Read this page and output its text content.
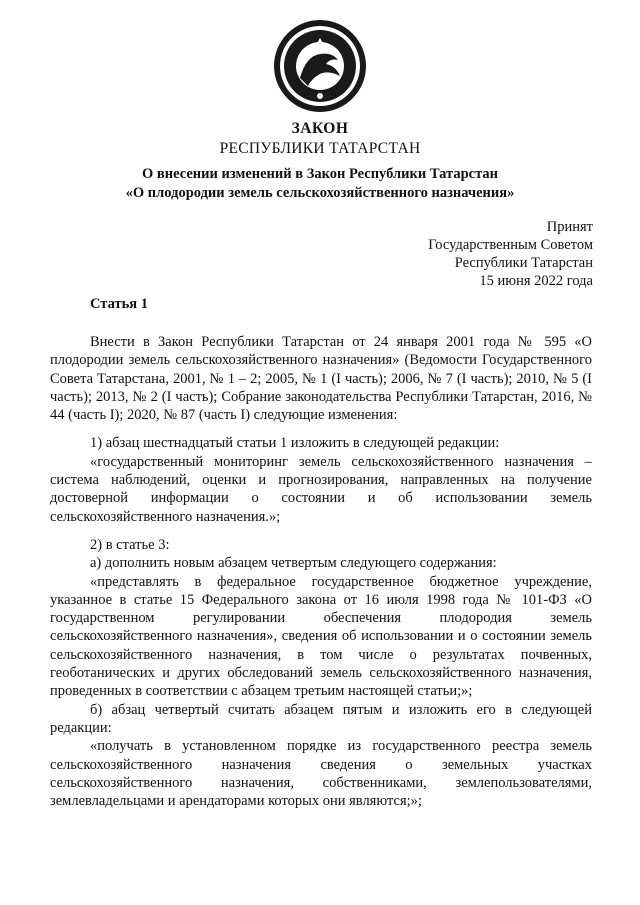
ЗАКОН
РЕСПУБЛИКИ ТАТАРСТАН
О внесении изменений в Закон Республики Татарстан
«О плодородии земель сельскохозяйственного назначения»
Принят
Государственным Советом
Республики Татарстан
15 июня 2022 года
Статья 1

Внести в Закон Республики Татарстан от 24 января 2001 года № 595 «О плодородии земель сельскохозяйственного назначения» (Ведомости Государственного Совета Татарстана, 2001, № 1 – 2; 2005, № 1 (I часть); 2006, № 7 (I часть); 2010, № 5 (I часть); 2013, № 2 (I часть); Собрание законодательства Республики Татарстан, 2016, № 44 (часть I); 2020, № 87 (часть I) следующие изменения:

1) абзац шестнадцатый статьи 1 изложить в следующей редакции:

«государственный мониторинг земель сельскохозяйственного назначения – система наблюдений, оценки и прогнозирования, направленных на получение достоверной информации о состоянии и об использовании земель сельскохозяйственного назначения.»;

2) в статье 3:

а) дополнить новым абзацем четвертым следующего содержания:

«представлять в федеральное государственное бюджетное учреждение, указанное в статье 15 Федерального закона от 16 июля 1998 года № 101-ФЗ «О государственном регулировании обеспечения плодородия земель сельскохозяйственного назначения», сведения об использовании и о состоянии земель сельскохозяйственного назначения, в том числе о результатах почвенных, геоботанических и других обследований земель сельскохозяйственного назначения, проведенных в соответствии с абзацем третьим настоящей статьи;»;

б) абзац четвертый считать абзацем пятым и изложить его в следующей редакции:

«получать в установленном порядке из государственного реестра земель сельскохозяйственного назначения сведения о земельных участках сельскохозяйственного назначения, собственниками, землепользователями, землевладельцами и арендаторами которых они являются;»;
